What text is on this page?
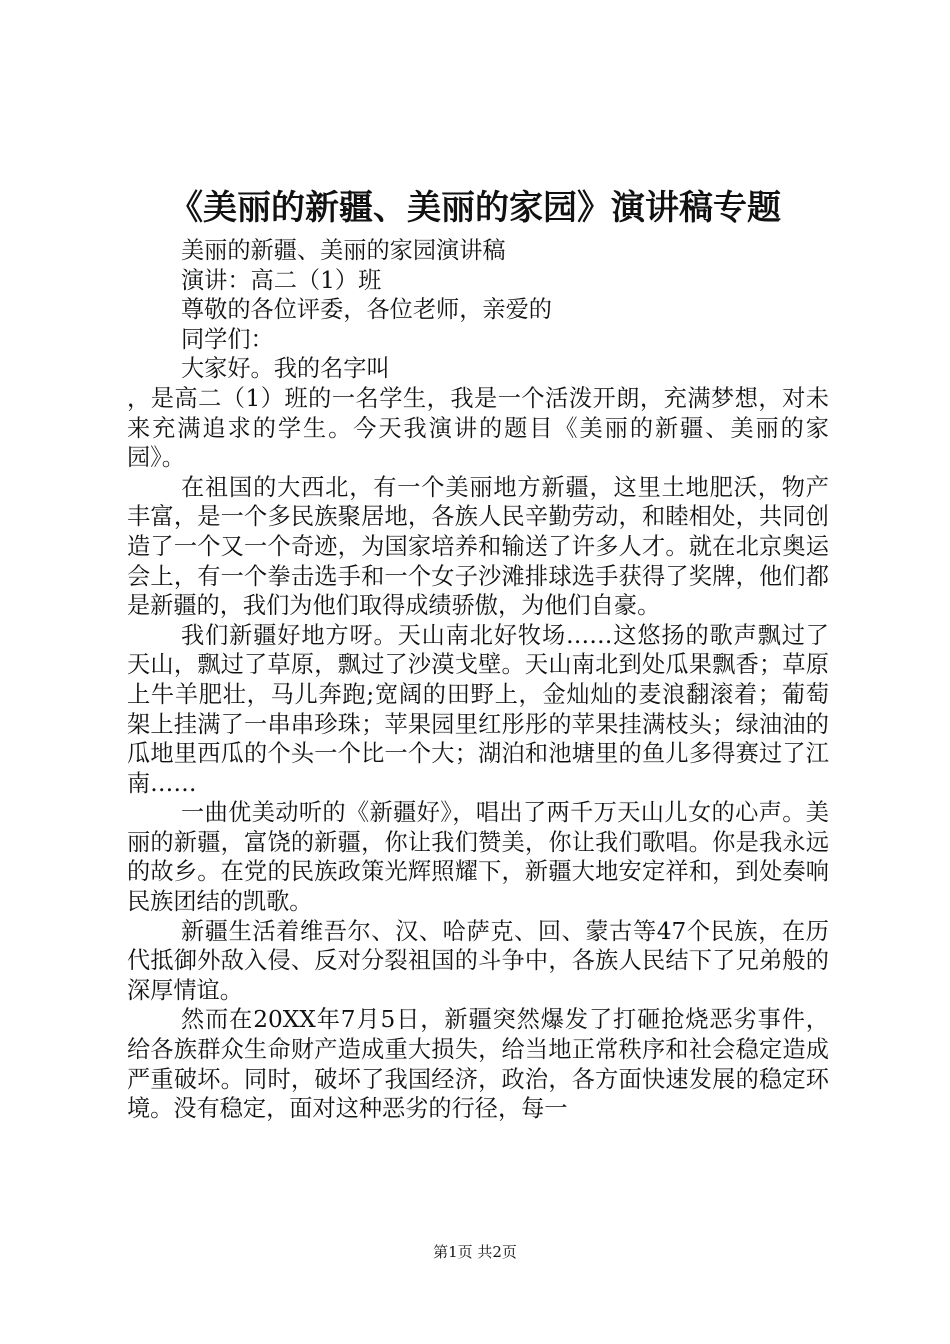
《美丽的新疆、美丽的家园》演讲稿专题

美丽的新疆、美丽的家园演讲稿

演讲：高二（1）班

尊敬的各位评委，各位老师，亲爱的

同学们：

大家好。我的名字叫

，是高二（1）班的一名学生，我是一个活泼开朗，充满梦想，对未来充满追求的学生。今天我演讲的题目《美丽的新疆、美丽的家园》。

在祖国的大西北，有一个美丽地方新疆，这里土地肥沃，物产丰富，是一个多民族聚居地，各族人民辛勤劳动，和睦相处，共同创造了一个又一个奇迹，为国家培养和输送了许多人才。就在北京奥运会上，有一个拳击选手和一个女子沙滩排球选手获得了奖牌，他们都是新疆的，我们为他们取得成绩骄傲，为他们自豪。

我们新疆好地方呀。天山南北好牧场……这悠扬的歌声飘过了天山，飘过了草原，飘过了沙漠戈壁。天山南北到处瓜果飘香；草原上牛羊肥壮，马儿奔跑;宽阔的田野上，金灿灿的麦浪翻滚着；葡萄架上挂满了一串串珍珠；苹果园里红彤彤的苹果挂满枝头；绿油油的瓜地里西瓜的个头一个比一个大；湖泊和池塘里的鱼儿多得赛过了江南……

一曲优美动听的《新疆好》，唱出了两千万天山儿女的心声。美丽的新疆，富饶的新疆，你让我们赞美，你让我们歌唱。你是我永远的故乡。在党的民族政策光辉照耀下，新疆大地安定祥和，到处奏响民族团结的凯歌。

新疆生活着维吾尔、汉、哈萨克、回、蒙古等47个民族，在历代抵御外敌入侵、反对分裂祖国的斗争中，各族人民结下了兄弟般的深厚情谊。

然而在20XX年7月5日，新疆突然爆发了打砸抢烧恶劣事件，给各族群众生命财产造成重大损失，给当地正常秩序和社会稳定造成严重破坏。同时，破坏了我国经济，政治，各方面快速发展的稳定环境。没有稳定，面对这种恶劣的行径，每一

第1页 共2页
